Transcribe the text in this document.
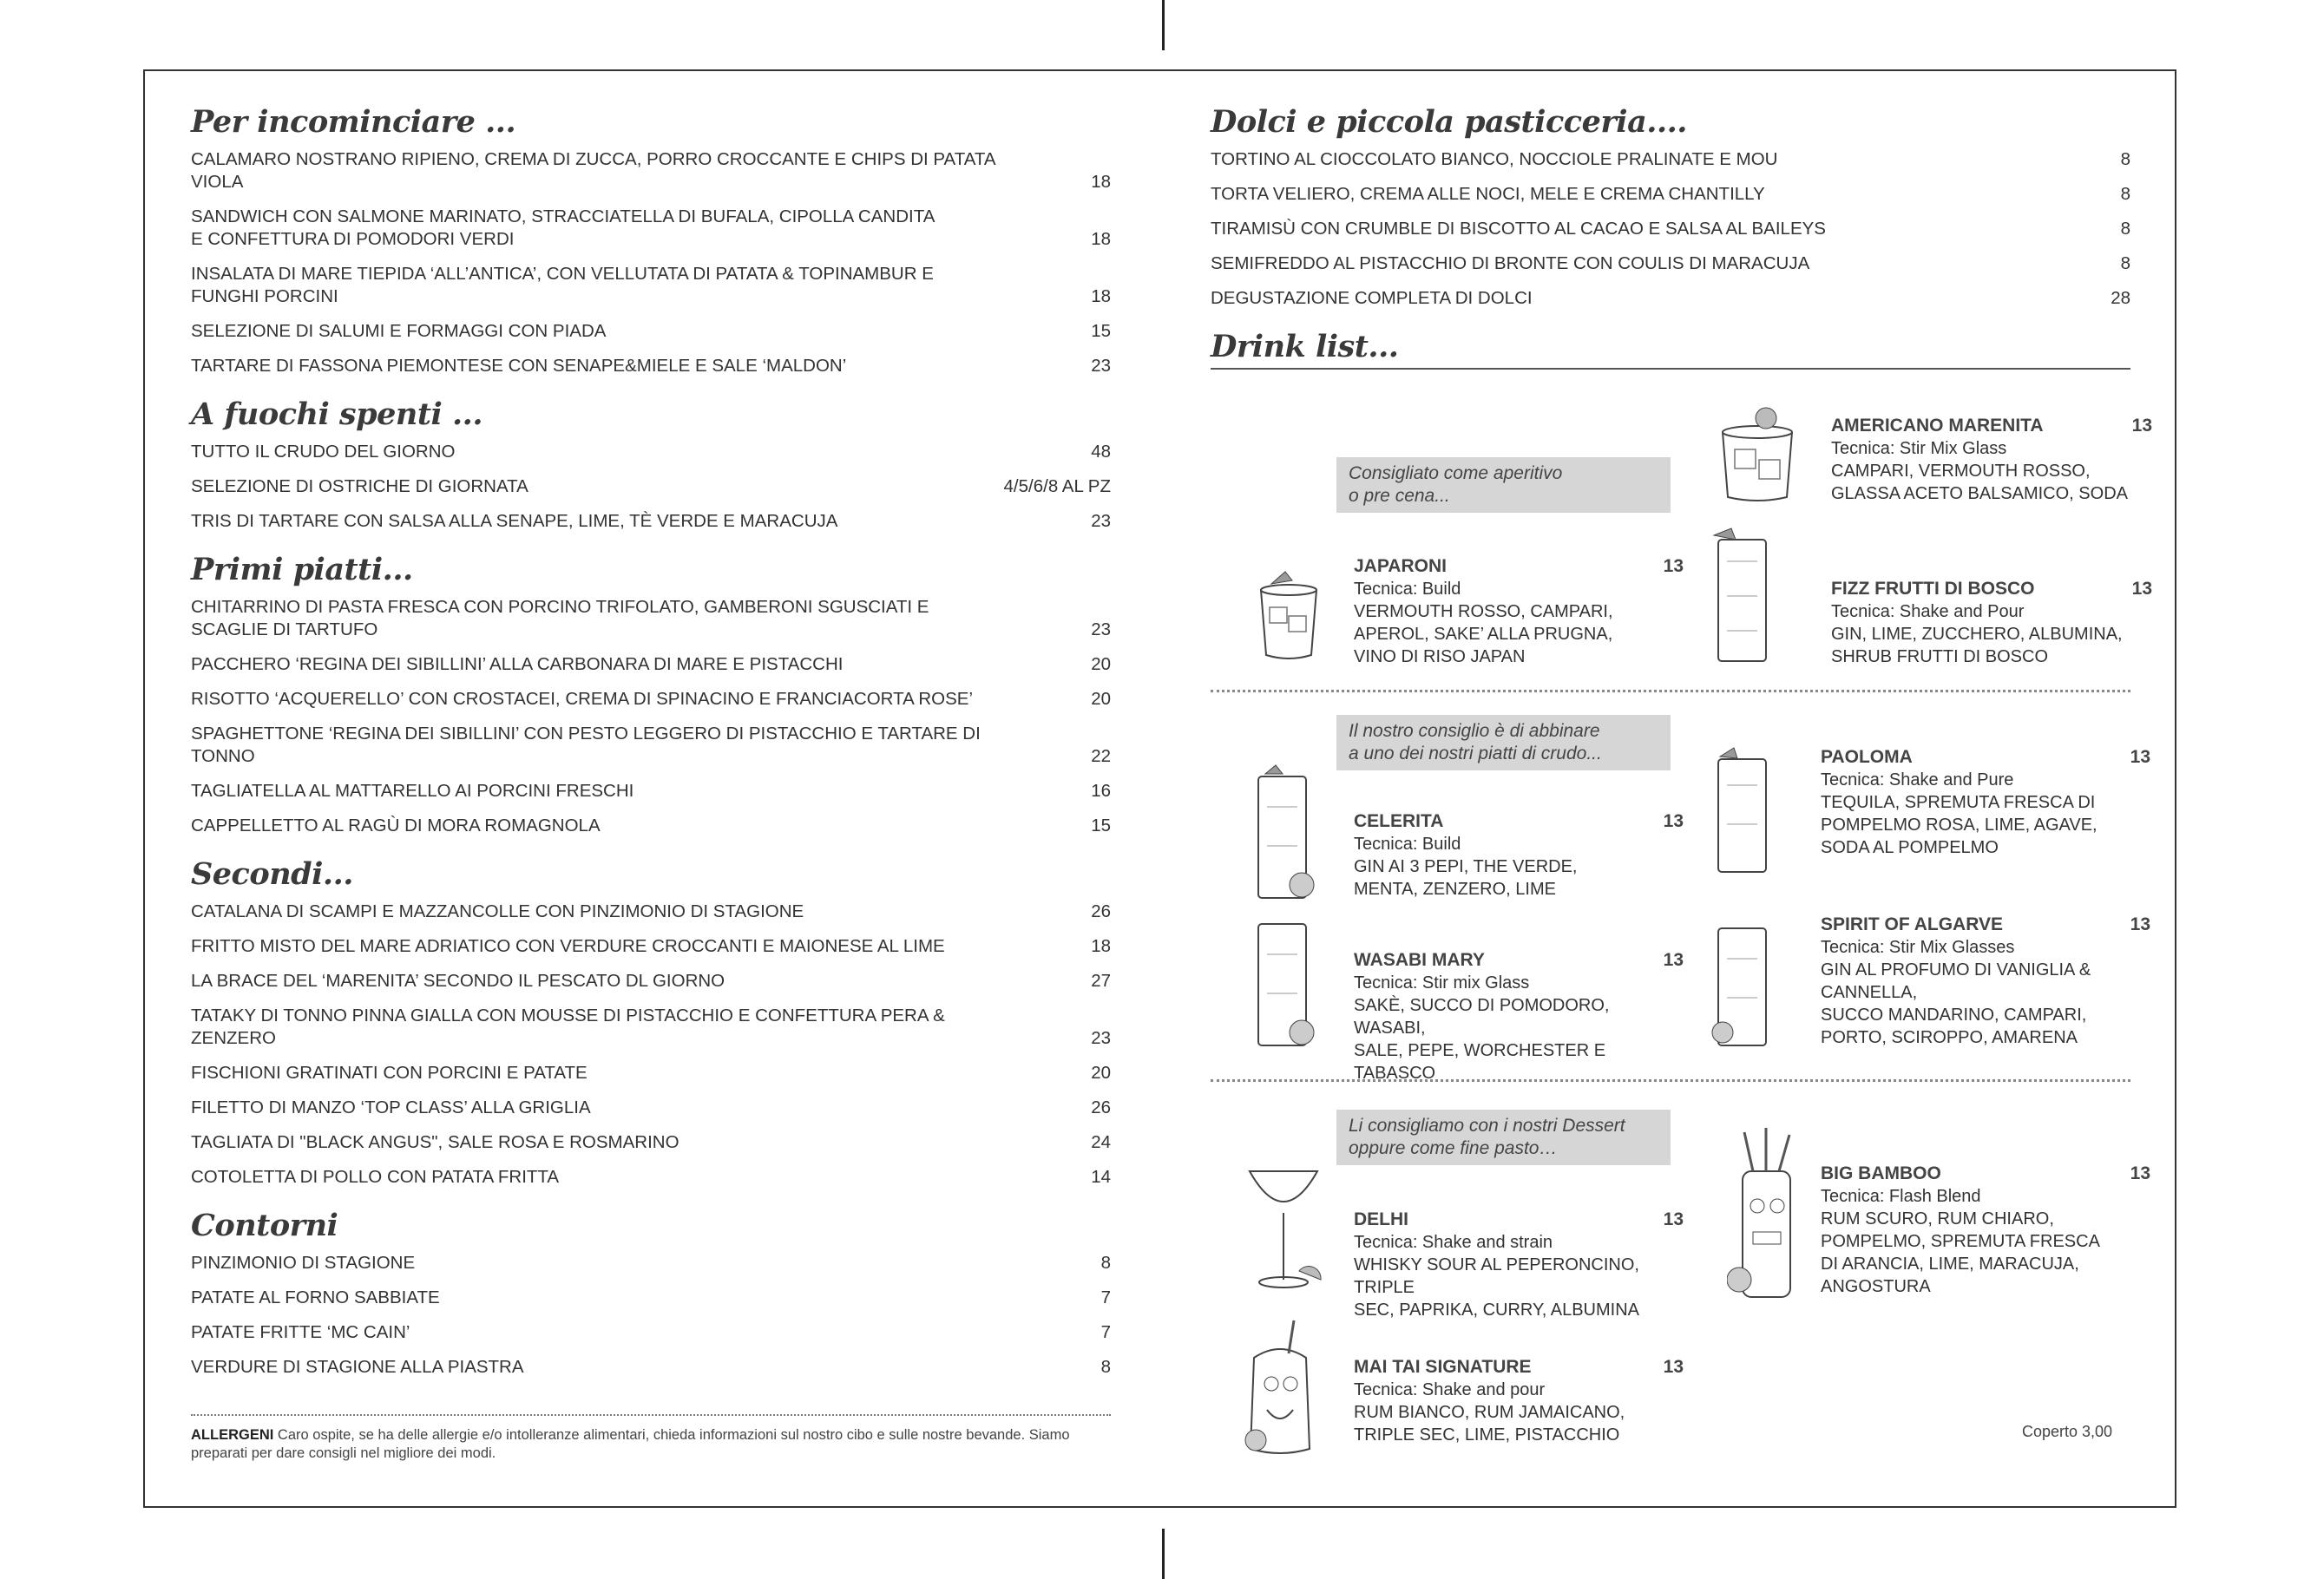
Per incominciare ...
CALAMARO NOSTRANO RIPIENO, CREMA DI ZUCCA, PORRO CROCCANTE E CHIPS DI PATATA VIOLA	18
SANDWICH CON SALMONE MARINATO, STRACCIATELLA DI BUFALA, CIPOLLA CANDITA
E CONFETTURA DI POMODORI VERDI	18
INSALATA DI MARE TIEPIDA ‘ALL’ANTICA’, CON VELLUTATA DI PATATA & TOPINAMBUR E FUNGHI PORCINI	18
SELEZIONE DI SALUMI E FORMAGGI CON PIADA	15
TARTARE DI FASSONA PIEMONTESE CON SENAPE&MIELE E SALE ‘MALDON’	23
A fuochi spenti ...
TUTTO IL CRUDO DEL GIORNO	48
SELEZIONE DI OSTRICHE DI GIORNATA	4/5/6/8 AL PZ
TRIS DI TARTARE CON SALSA ALLA SENAPE, LIME, TÈ VERDE E MARACUJA	23
Primi piatti...
CHITARRINO DI PASTA FRESCA CON PORCINO TRIFOLATO, GAMBERONI SGUSCIATI E SCAGLIE DI TARTUFO	23
PACCHERO ‘REGINA DEI SIBILLINI’ ALLA CARBONARA DI MARE E PISTACCHI	20
RISOTTO ‘ACQUERELLO’ CON CROSTACEI, CREMA DI SPINACINO E FRANCIACORTA ROSE’	20
SPAGHETTONE ‘REGINA DEI SIBILLINI’ CON PESTO LEGGERO DI PISTACCHIO E TARTARE DI TONNO	22
TAGLIATELLA AL MATTARELLO AI PORCINI FRESCHI	16
CAPPELLETTO AL RAGÙ DI MORA ROMAGNOLA	15
Secondi...
CATALANA DI SCAMPI E MAZZANCOLLE CON PINZIMONIO DI STAGIONE	26
FRITTO MISTO DEL MARE ADRIATICO CON VERDURE CROCCANTI E MAIONESE AL LIME	18
LA BRACE DEL ‘MARENITA’ SECONDO IL PESCATO DL GIORNO	27
TATAKY DI TONNO PINNA GIALLA CON MOUSSE DI PISTACCHIO E CONFETTURA PERA & ZENZERO	23
FISCHIONI GRATINATI CON PORCINI E PATATE	20
FILETTO DI MANZO ‘TOP CLASS’ ALLA GRIGLIA	26
TAGLIATA DI "BLACK ANGUS", SALE ROSA E ROSMARINO	24
COTOLETTA DI POLLO CON PATATA FRITTA	14
Contorni
PINZIMONIO DI STAGIONE	8
PATATE AL FORNO SABBIATE	7
PATATE FRITTE ‘MC CAIN’	7
VERDURE DI STAGIONE ALLA PIASTRA	8
ALLERGENI Caro ospite, se ha delle allergie e/o intolleranze alimentari, chieda informazioni sul nostro cibo e sulle nostre bevande. Siamo preparati per dare consigli nel migliore dei modi.
Dolci e piccola pasticceria....
TORTINO AL CIOCCOLATO BIANCO, NOCCIOLE PRALINATE E MOU	8
TORTA VELIERO, CREMA ALLE NOCI, MELE E CREMA CHANTILLY	8
TIRAMISÙ CON CRUMBLE DI BISCOTTO AL CACAO E SALSA AL BAILEYS	8
SEMIFREDDO AL PISTACCHIO DI BRONTE CON COULIS DI MARACUJA	8
DEGUSTAZIONE COMPLETA DI DOLCI	28
Drink list...
Consigliato come aperitivo
o pre cena...
Il nostro consiglio è di abbinare
a uno dei nostri piatti di crudo...
Li consigliamo con i nostri Dessert
oppure come fine pasto…
AMERICANO MARENITA	13
Tecnica: Stir Mix Glass
CAMPARI, VERMOUTH ROSSO,
GLASSA ACETO BALSAMICO, SODA
JAPARONI	13
Tecnica: Build
VERMOUTH ROSSO, CAMPARI,
APEROL, SAKE’ ALLA PRUGNA,
VINO DI RISO JAPAN
FIZZ FRUTTI DI BOSCO	13
Tecnica: Shake and Pour
GIN, LIME, ZUCCHERO, ALBUMINA,
SHRUB FRUTTI DI BOSCO
PAOLOMA	13
Tecnica: Shake and Pure
TEQUILA, SPREMUTA FRESCA DI
POMPELMO ROSA, LIME, AGAVE,
SODA AL POMPELMO
CELERITA	13
Tecnica: Build
GIN AI 3 PEPI, THE VERDE,
MENTA, ZENZERO, LIME
SPIRIT OF ALGARVE	13
Tecnica: Stir Mix Glasses
GIN AL PROFUMO DI VANIGLIA &
CANNELLA,
SUCCO MANDARINO, CAMPARI,
PORTO, SCIROPPO, AMARENA
WASABI MARY	13
Tecnica: Stir mix Glass
SAKÈ, SUCCO DI POMODORO, WASABI,
SALE, PEPE, WORCHESTER E TABASCO
BIG BAMBOO	13
Tecnica: Flash Blend
RUM SCURO, RUM CHIARO,
POMPELMO, SPREMUTA FRESCA
DI ARANCIA, LIME, MARACUJA,
ANGOSTURA
DELHI	13
Tecnica: Shake and strain
WHISKY SOUR AL PEPERONCINO, TRIPLE
SEC, PAPRIKA, CURRY, ALBUMINA
MAI TAI SIGNATURE	13
Tecnica: Shake and pour
RUM BIANCO, RUM JAMAICANO,
TRIPLE SEC, LIME, PISTACCHIO	Coperto 3,00
